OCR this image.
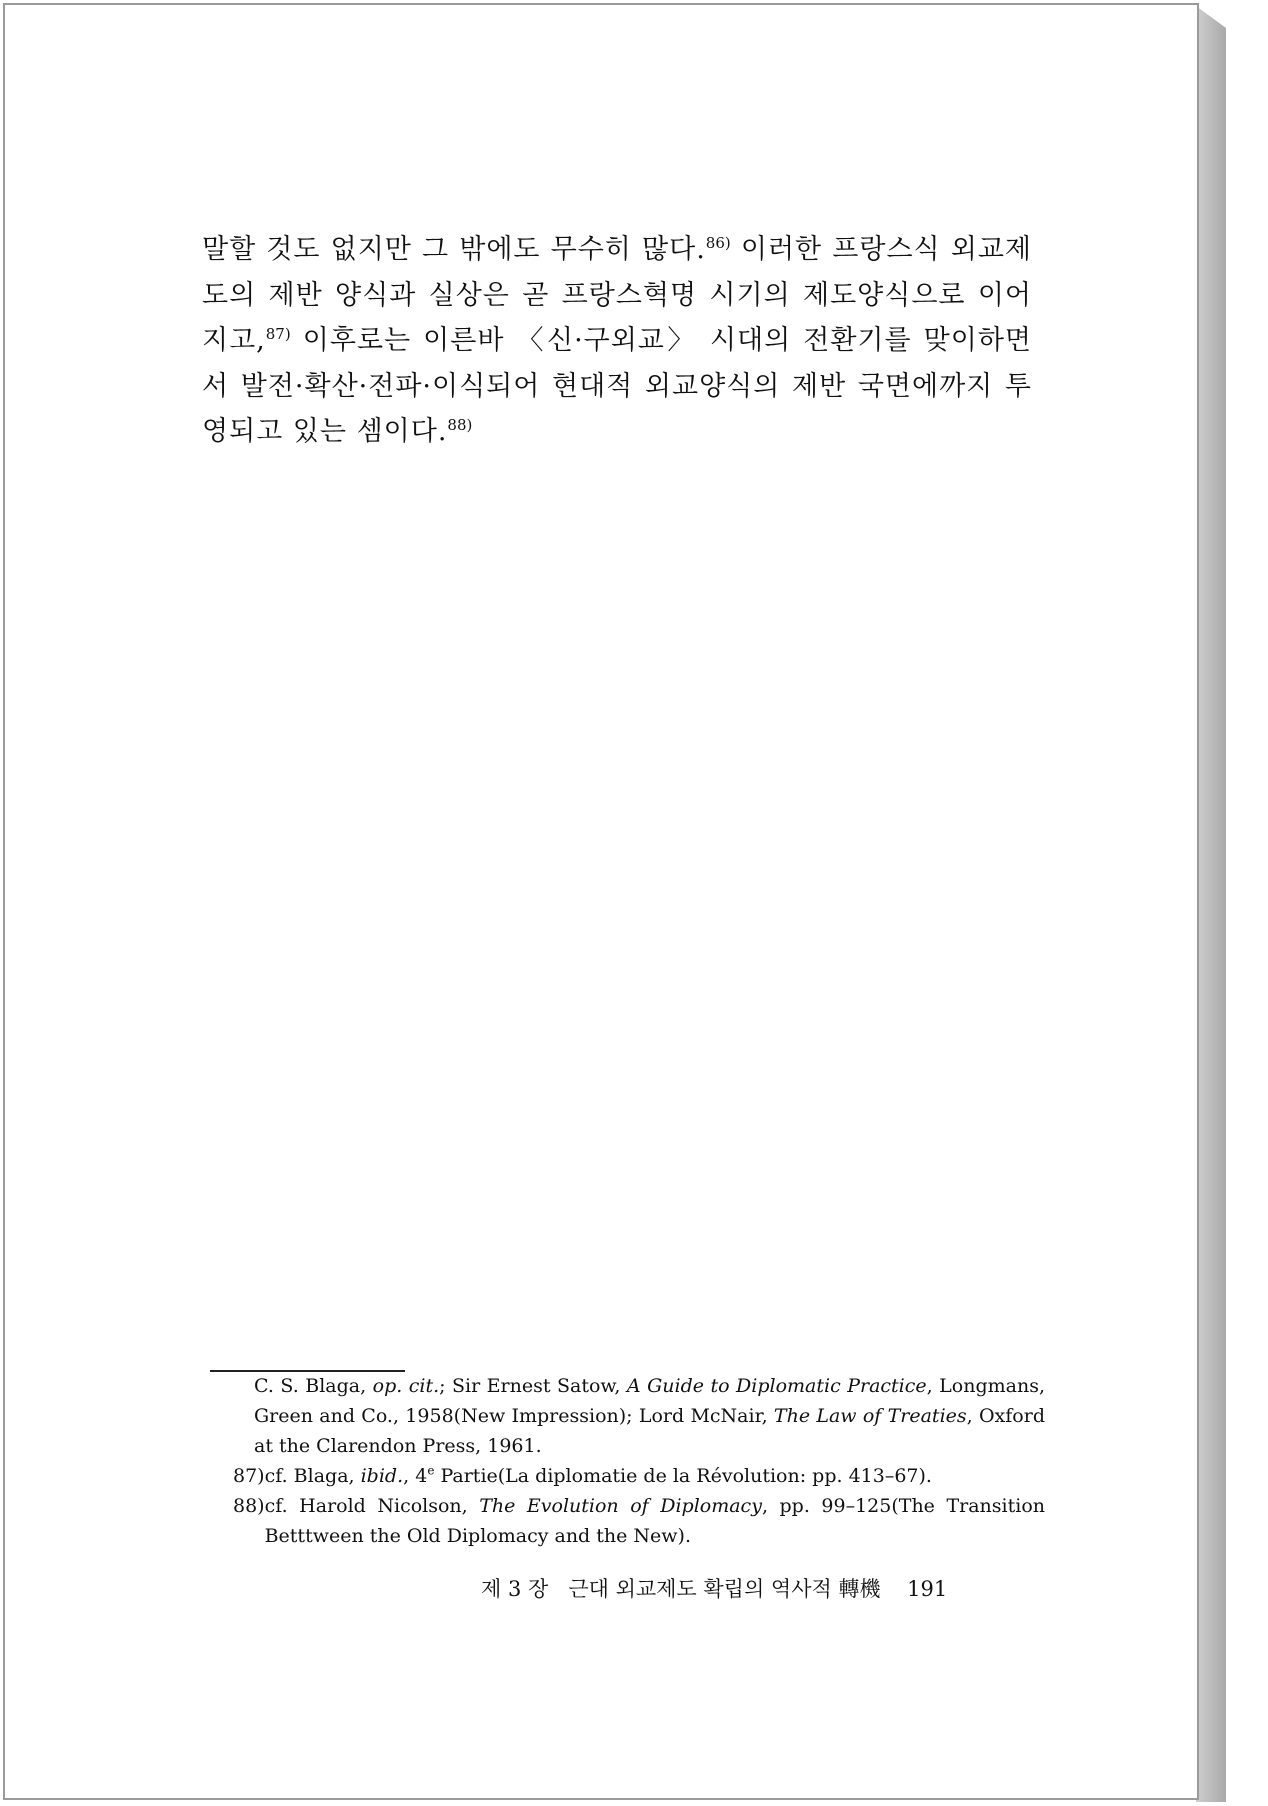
말할 것도 없지만 그 밖에도 무수히 많다.$^{86)}$ 이러한 프랑스식 외교제도의 제반 양식과 실상은 곧 프랑스혁명 시기의 제도양식으로 이어지고,$^{87)}$ 이후로는 이른바 〈신·구외교〉 시대의 전환기를 맞이하면서 발전·확산·전파·이식되어 현대적 외교양식의 제반 국면에까지 투영되고 있는 셈이다.$^{88)}$

C. S. Blaga, op. cit.; Sir Ernest Satow, A Guide to Diplomatic Practice, Longmans, Green and Co., 1958(New Impression); Lord McNair, The Law of Treaties, Oxford at the Clarendon Press, 1961.
87) cf. Blaga, ibid., 4e Partie(La diplomatie de la Révolution: pp. 413–67).
88) cf. Harold Nicolson, The Evolution of Diplomacy, pp. 99–125(The Transition Betttween the Old Diplomacy and the New).

제 3 장 근대 외교제도 확립의 역사적 轉機 191
